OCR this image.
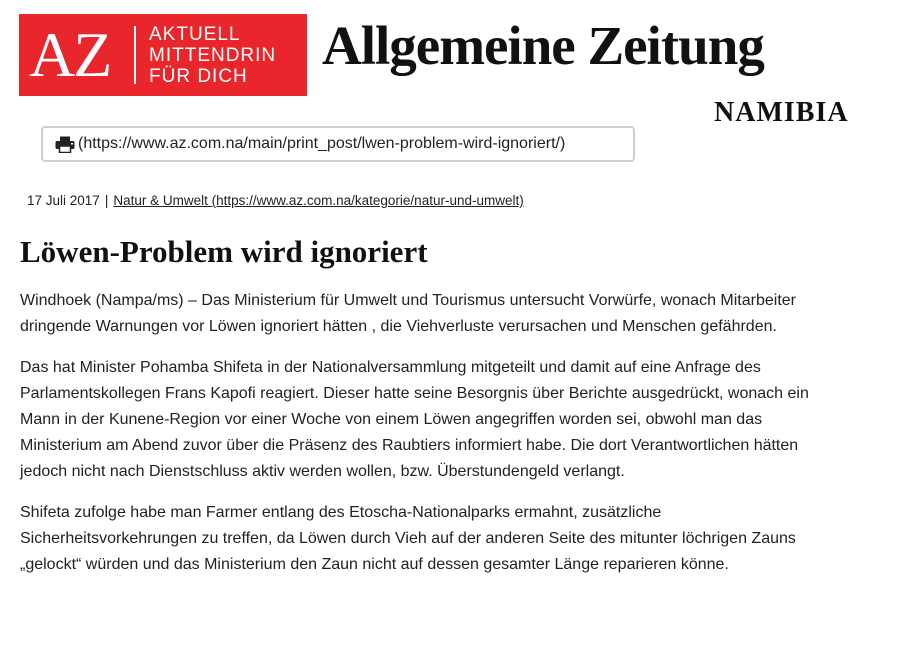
AZ AKTUELL
MITTENDRIN
FÜR DICH
Allgemeine Zeitung
NAMIBIA
(https://www.az.com.na/main/print_post/lwen-problem-wird-ignoriert/)
17 Juli 2017 | Natur & Umwelt (https://www.az.com.na/kategorie/natur-und-umwelt)
Löwen-Problem wird ignoriert

Windhoek (Nampa/ms) – Das Ministerium für Umwelt und Tourismus untersucht Vorwürfe, wonach Mitarbeiter dringende Warnungen vor Löwen ignoriert hätten , die Viehverluste verursachen und Menschen gefährden.

Das hat Minister Pohamba Shifeta in der Nationalversammlung mitgeteilt und damit auf eine Anfrage des Parlamentskollegen Frans Kapofi reagiert. Dieser hatte seine Besorgnis über Berichte ausgedrückt, wonach ein Mann in der Kunene-Region vor einer Woche von einem Löwen angegriffen worden sei, obwohl man das Ministerium am Abend zuvor über die Präsenz des Raubtiers informiert habe. Die dort Verantwortlichen hätten jedoch nicht nach Dienstschluss aktiv werden wollen, bzw. Überstundengeld verlangt.

Shifeta zufolge habe man Farmer entlang des Etoscha-Nationalparks ermahnt, zusätzliche Sicherheitsvorkehrungen zu treffen, da Löwen durch Vieh auf der anderen Seite des mitunter löchrigen Zauns „gelockt“ würden und das Ministerium den Zaun nicht auf dessen gesamter Länge reparieren könne.
